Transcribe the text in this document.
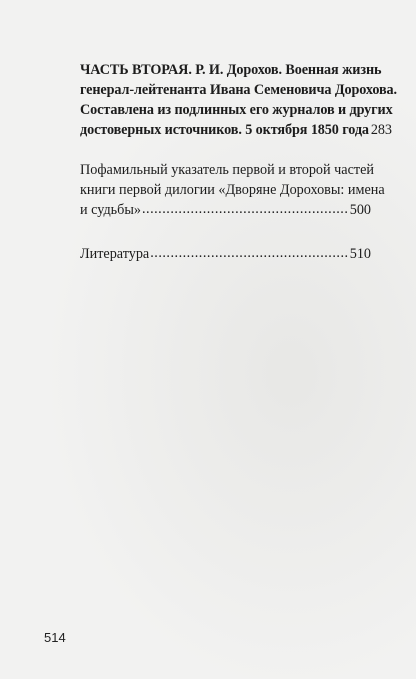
ЧАСТЬ ВТОРАЯ. Р. И. Дорохов. Военная жизнь
генерал-лейтенанта Ивана Семеновича Дорохова.
Составлена из подлинных его журналов и других
достоверных источников. 5 октября 1850 года 283
Пофамильный указатель первой и второй частей
книги первой дилогии «Дворяне Дороховы: имена
и судьбы» .....	500
Литература .....	510
514
